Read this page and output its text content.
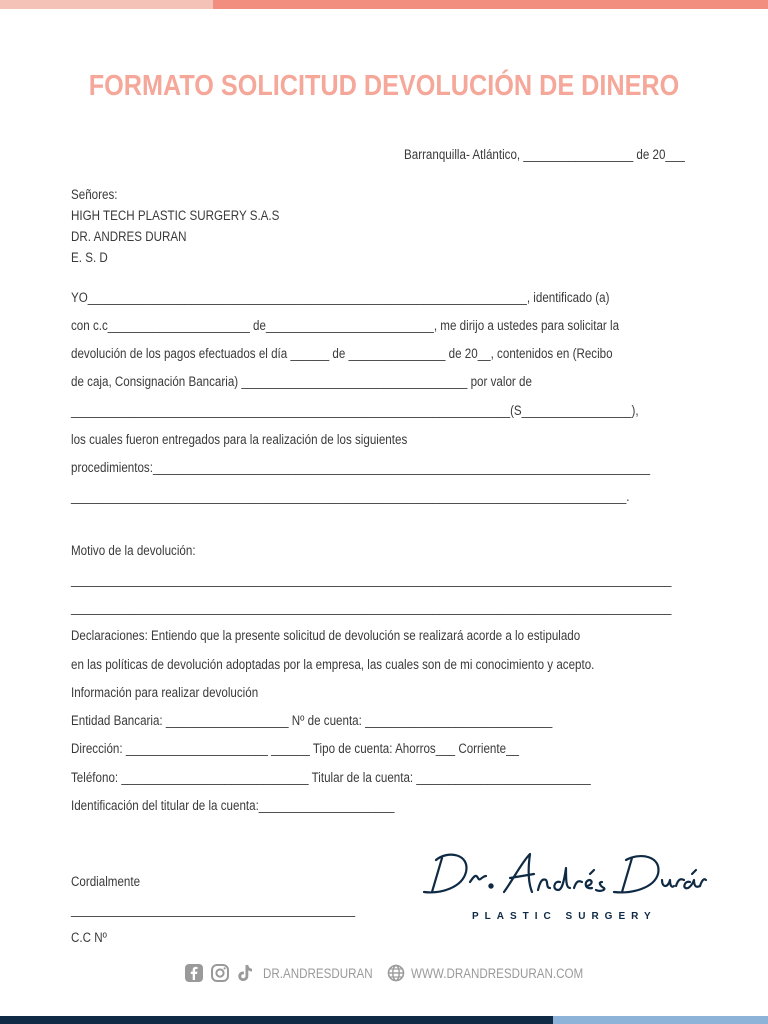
FORMATO SOLICITUD DEVOLUCIÓN DE DINERO
Barranquilla- Atlántico, _________________ de 20___
Señores:
HIGH TECH PLASTIC SURGERY S.A.S
DR. ANDRES DURAN
E. S. D
YO____________________________________________________________________, identificado (a)
con c.c______________________ de__________________________, me dirijo a ustedes para solicitar la
devolución de los pagos efectuados el día ______ de _______________ de 20__, contenidos en (Recibo
de caja, Consignación Bancaria) ___________________________________ por valor de
____________________________________________________________________(S_________________),
los cuales fueron entregados para la realización de los siguientes
procedimientos:_____________________________________________________________________________
______________________________________________________________________________________.
Motivo de la devolución:
_____________________________________________________________________________________________
_____________________________________________________________________________________________
Declaraciones: Entiendo que la presente solicitud de devolución se realizará acorde a lo estipulado
en las políticas de devolución adoptadas por la empresa, las cuales son de mi conocimiento y acepto.
Información para realizar devolución
Entidad Bancaria: ___________________ Nº de cuenta: _____________________________
Dirección: ______________________ ______ Tipo de cuenta: Ahorros___ Corriente__
Teléfono: _____________________________ Titular de la cuenta: ___________________________
Identificación del titular de la cuenta:_____________________
Cordialmente
____________________________________________
C.C Nº
PLASTIC SURGERY
DR.ANDRESDURAN	WWW.DRANDRESDURAN.COM
